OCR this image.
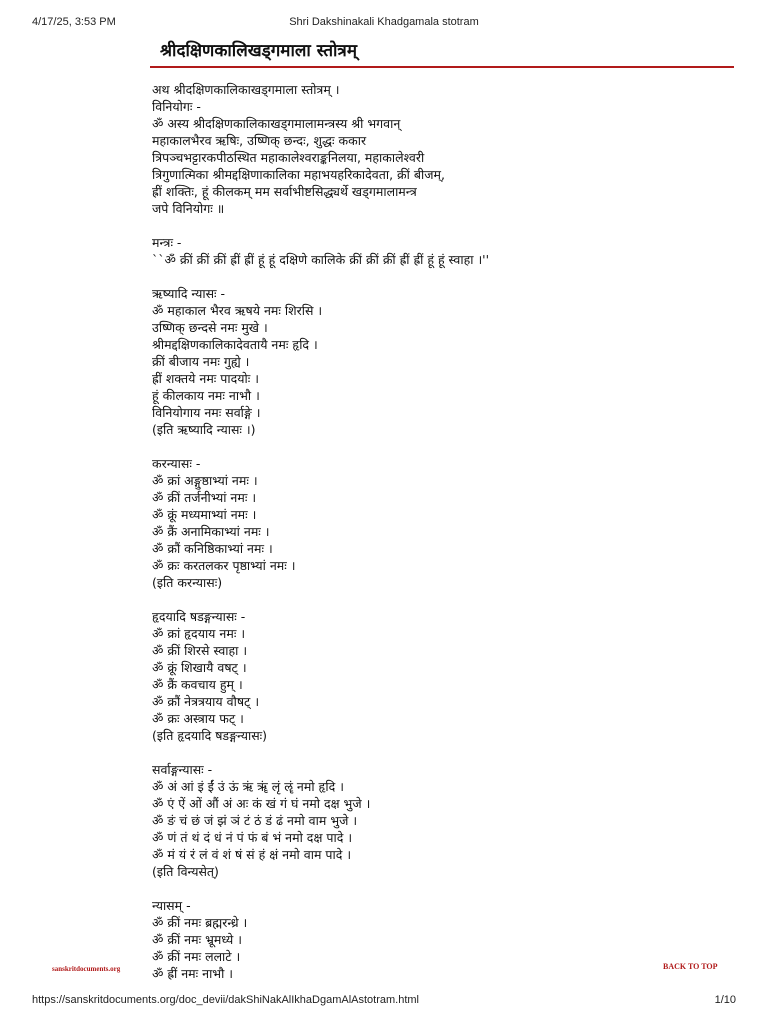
4/17/25, 3:53 PM	Shri Dakshinakali Khadgamala stotram
श्रीदक्षिणकालिखड्गमाला स्तोत्रम्
अथ श्रीदक्षिणकालिकाखड्गमाला स्तोत्रम् ।
विनियोगः -
ॐ अस्य श्रीदक्षिणकालिकाखड्गमालामन्त्रस्य श्री भगवान्
महाकालभैरव ऋषिः, उष्णिक् छन्दः, शुद्धः ककार
त्रिपञ्चभट्टारकपीठस्थित महाकालेश्वराङ्कनिलया, महाकालेश्वरी
त्रिगुणात्मिका श्रीमद्दक्षिणाकालिका महाभयहरिकादेवता, क्रीं बीजम्,
ह्रीं शक्तिः, हूं कीलकम् मम सर्वाभीष्टसिद्ध्यर्थे खड्गमालामन्त्र
जपे विनियोगः ॥
मन्त्रः -
``ॐ क्रीं क्रीं क्रीं ह्रीं ह्रीं हूं हूं दक्षिणे कालिके क्रीं क्रीं क्रीं ह्रीं ह्रीं हूं हूं स्वाहा ।''
ऋष्यादि न्यासः -
ॐ महाकाल भैरव ऋषये नमः शिरसि ।
उष्णिक् छन्दसे नमः मुखे ।
श्रीमद्दक्षिणकालिकादेवतायै नमः हृदि ।
क्रीं बीजाय नमः गुह्ये ।
ह्रीं शक्तये नमः पादयोः ।
हूं कीलकाय नमः नाभौ ।
विनियोगाय नमः सर्वाङ्गे ।
(इति ऋष्यादि न्यासः ।)
करन्यासः -
ॐ क्रां अङ्गुष्ठाभ्यां नमः ।
ॐ क्रीं तर्जनीभ्यां नमः ।
ॐ क्रूं मध्यमाभ्यां नमः ।
ॐ क्रैं अनामिकाभ्यां नमः ।
ॐ क्रौं कनिष्ठिकाभ्यां नमः ।
ॐ क्रः करतलकर पृष्ठाभ्यां नमः ।
(इति करन्यासः)
हृदयादि षडङ्गन्यासः -
ॐ क्रां हृदयाय नमः ।
ॐ क्रीं शिरसे स्वाहा ।
ॐ क्रूं शिखायै वषट् ।
ॐ क्रैं कवचाय हुम् ।
ॐ क्रौं नेत्रत्रयाय वौषट् ।
ॐ क्रः अस्त्राय फट् ।
(इति हृदयादि षडङ्गन्यासः)
सर्वाङ्गन्यासः -
ॐ अं आं इं ईं उं ऊं ऋं ॠं लृं ॡं नमो हृदि ।
ॐ एं ऐं ओं औं अं अः कं खं गं घं नमो दक्ष भुजे ।
ॐ ङं चं छं जं झं ञं टं ठं डं ढं नमो वाम भुजे ।
ॐ णं तं थं दं धं नं पं फं बं भं नमो दक्ष पादे ।
ॐ मं यं रं लं वं शं षं सं हं क्षं नमो वाम पादे ।
(इति विन्यसेत्)
न्यासम् -
ॐ क्रीं नमः ब्रह्मरन्ध्रे ।
ॐ क्रीं नमः भ्रूमध्ये ।
ॐ क्रीं नमः ललाटे ।
ॐ ह्रीं नमः नाभौ ।
sanskritdocuments.org	BACK TO TOP
https://sanskritdocuments.org/doc_devii/dakShiNakAlIkhaDgamAlAstotram.html	1/10
